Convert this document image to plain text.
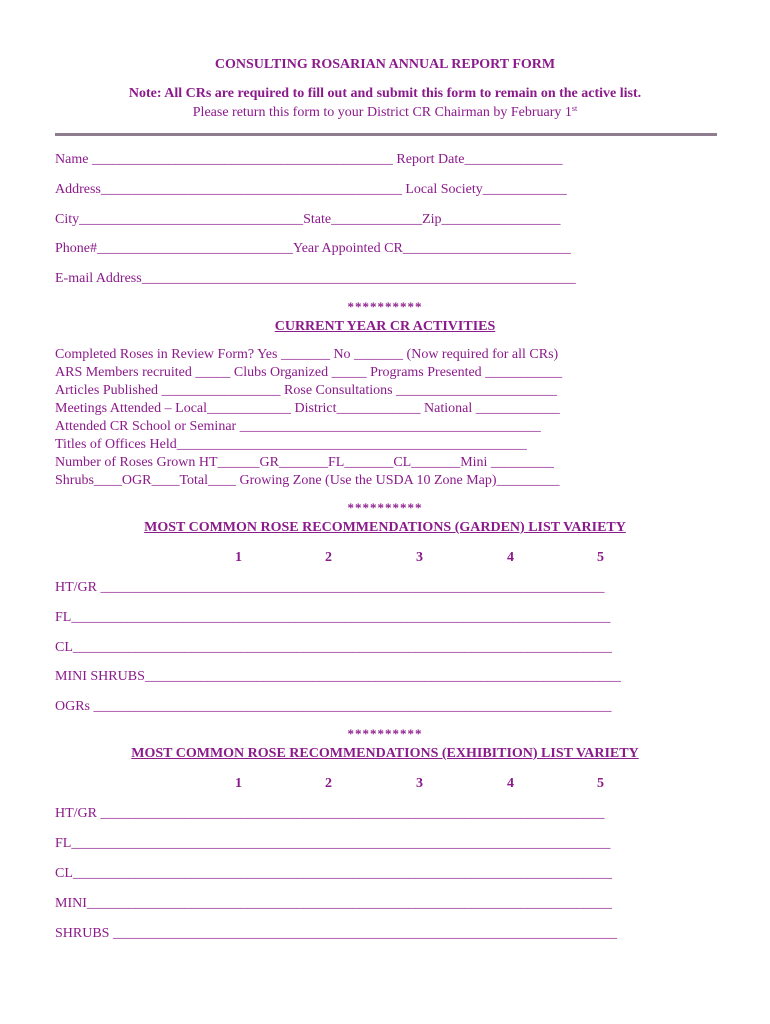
CONSULTING ROSARIAN ANNUAL REPORT FORM
Note: All CRs are required to fill out and submit this form to remain on the active list.
Please return this form to your District CR Chairman by February 1st
Name ___________________________________________ Report Date______________
Address___________________________________________ Local Society____________
City________________________________State_____________Zip_________________
Phone#____________________________Year Appointed CR________________________
E-mail Address______________________________________________________________
**********
CURRENT YEAR CR ACTIVITIES
Completed Roses in Review Form? Yes _______ No _______ (Now required for all CRs)
ARS Members recruited _____ Clubs Organized _____ Programs Presented ___________
Articles Published _________________ Rose Consultations _______________________
Meetings Attended – Local____________ District____________ National ____________
Attended CR School or Seminar ___________________________________________
Titles of Offices Held__________________________________________________
Number of Roses Grown HT______GR_______FL_______CL_______Mini _________
Shrubs____OGR____Total____ Growing Zone (Use the USDA 10 Zone Map)_________
**********
MOST COMMON ROSE RECOMMENDATIONS (GARDEN) LIST VARIETY
1	2	3	4	5
HT/GR ________________________________________________________________________
FL_____________________________________________________________________________
CL_____________________________________________________________________________
MINI SHRUBS____________________________________________________________________
OGRs __________________________________________________________________________
**********
MOST COMMON ROSE RECOMMENDATIONS (EXHIBITION) LIST VARIETY
1	2	3	4	5
HT/GR ________________________________________________________________________
FL_____________________________________________________________________________
CL_____________________________________________________________________________
MINI___________________________________________________________________________
SHRUBS ________________________________________________________________________
